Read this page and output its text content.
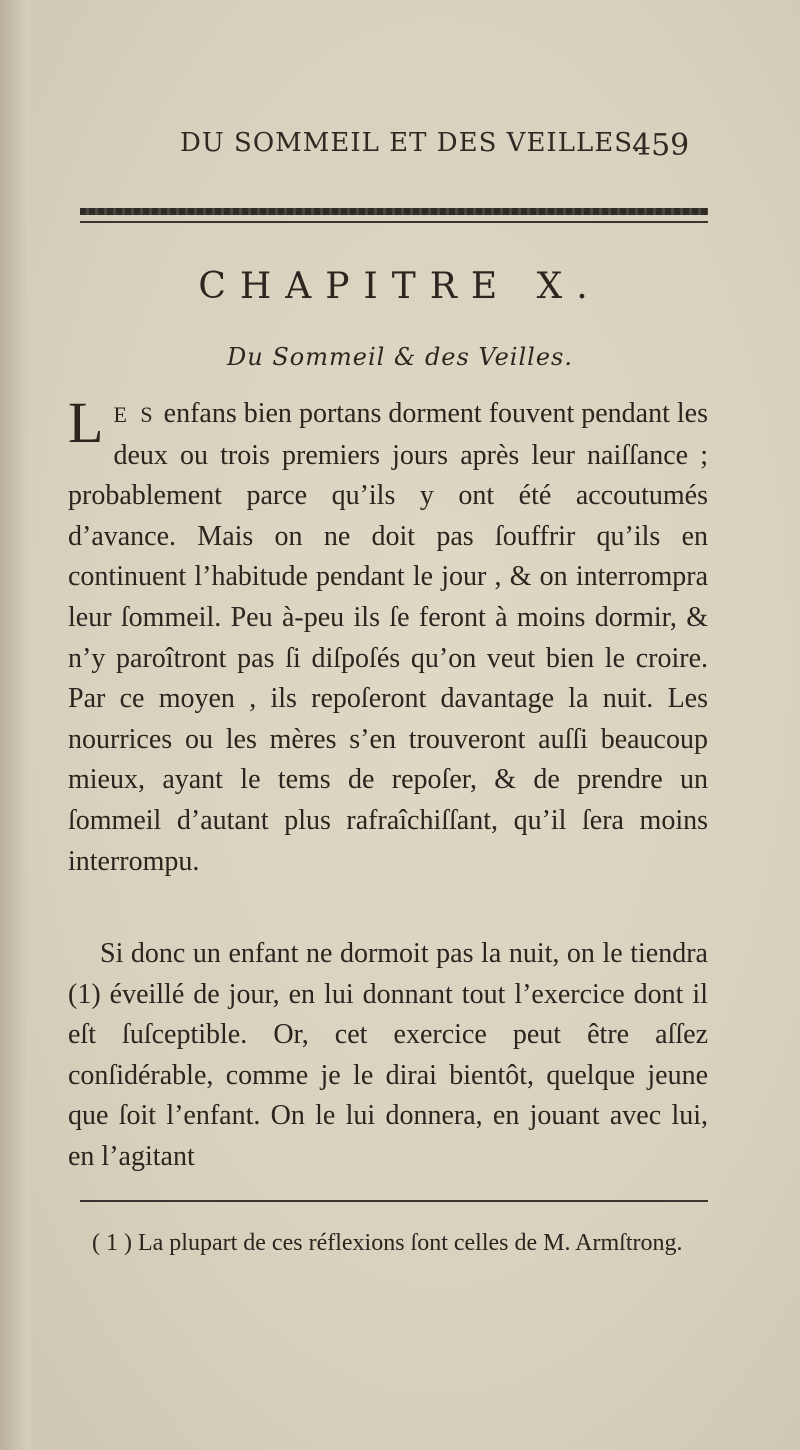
DU SOMMEIL ET DES VEILLES.
459
CHAPITRE X.
Du Sommeil & des Veilles.
L E S enfans bien portans dorment fouvent pendant les deux ou trois premiers jours après leur naiſſance ; probablement parce qu’ils y ont été accoutumés d’avance. Mais on ne doit pas ſouffrir qu’ils en continuent l’habitude pendant le jour , & on interrompra leur ſommeil. Peu à-peu ils ſe feront à moins dormir, & n’y paroîtront pas ſi diſpoſés qu’on veut bien le croire. Par ce moyen , ils repoſeront davantage la nuit. Les nourrices ou les mères s’en trouveront auſſi beaucoup mieux, ayant le tems de repoſer, & de prendre un ſommeil d’autant plus rafraîchiſſant, qu’il ſera moins interrompu.
Si donc un enfant ne dormoit pas la nuit, on le tiendra (1) éveillé de jour, en lui donnant tout l’exercice dont il eſt ſuſceptible. Or, cet exercice peut être aſſez conſidérable, comme je le dirai bientôt, quelque jeune que ſoit l’enfant. On le lui donnera, en jouant avec lui, en l’agitant
( 1 ) La plupart de ces réflexions ſont celles de M. Armſtrong.
